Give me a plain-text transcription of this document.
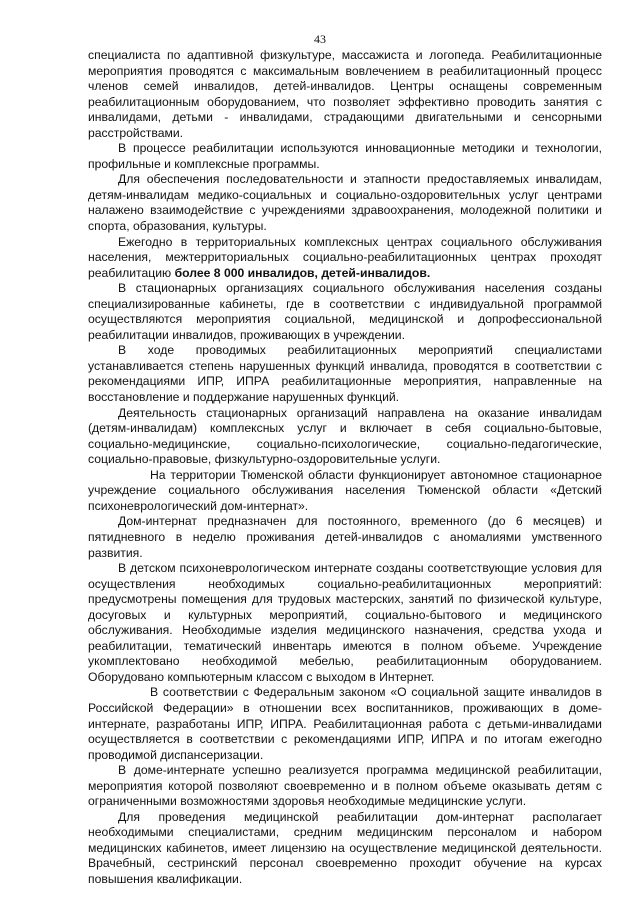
43

специалиста по адаптивной физкультуре, массажиста и логопеда. Реабилитационные мероприятия проводятся с максимальным вовлечением в реабилитационный процесс членов семей инвалидов, детей-инвалидов. Центры оснащены современным реабилитационным оборудованием, что позволяет эффективно проводить занятия с инвалидами, детьми - инвалидами, страдающими двигательными и сенсорными расстройствами.

В процессе реабилитации используются инновационные методики и технологии, профильные и комплексные программы.

Для обеспечения последовательности и этапности предоставляемых инвалидам, детям-инвалидам медико-социальных и социально-оздоровительных услуг центрами налажено взаимодействие с учреждениями здравоохранения, молодежной политики и спорта, образования, культуры.

Ежегодно в территориальных комплексных центрах социального обслуживания населения, межтерриториальных социально-реабилитационных центрах проходят реабилитацию более 8 000 инвалидов, детей-инвалидов.

В стационарных организациях социального обслуживания населения созданы специализированные кабинеты, где в соответствии с индивидуальной программой осуществляются мероприятия социальной, медицинской и допрофессиональной реабилитации инвалидов, проживающих в учреждении.

В ходе проводимых реабилитационных мероприятий специалистами устанавливается степень нарушенных функций инвалида, проводятся в соответствии с рекомендациями ИПР, ИПРА реабилитационные мероприятия, направленные на восстановление и поддержание нарушенных функций.

Деятельность стационарных организаций направлена на оказание инвалидам (детям-инвалидам) комплексных услуг и включает в себя социально-бытовые, социально-медицинские, социально-психологические, социально-педагогические, социально-правовые, физкультурно-оздоровительные услуги.

На территории Тюменской области функционирует автономное стационарное учреждение социального обслуживания населения Тюменской области «Детский психоневрологический дом-интернат».

Дом-интернат предназначен для постоянного, временного (до 6 месяцев) и пятидневного в неделю проживания детей-инвалидов с аномалиями умственного развития.

В детском психоневрологическом интернате созданы соответствующие условия для осуществления необходимых социально-реабилитационных мероприятий: предусмотрены помещения для трудовых мастерских, занятий по физической культуре, досуговых и культурных мероприятий, социально-бытового и медицинского обслуживания. Необходимые изделия медицинского назначения, средства ухода и реабилитации, тематический инвентарь имеются в полном объеме. Учреждение укомплектовано необходимой мебелью, реабилитационным оборудованием. Оборудовано компьютерным классом с выходом в Интернет.

В соответствии с Федеральным законом «О социальной защите инвалидов в Российской Федерации» в отношении всех воспитанников, проживающих в доме-интернате, разработаны ИПР, ИПРА. Реабилитационная работа с детьми-инвалидами осуществляется в соответствии с рекомендациями ИПР, ИПРА и по итогам ежегодно проводимой диспансеризации.

В доме-интернате успешно реализуется программа медицинской реабилитации, мероприятия которой позволяют своевременно и в полном объеме оказывать детям с ограниченными возможностями здоровья необходимые медицинские услуги.

Для проведения медицинской реабилитации дом-интернат располагает необходимыми специалистами, средним медицинским персоналом и набором медицинских кабинетов, имеет лицензию на осуществление медицинской деятельности. Врачебный, сестринский персонал своевременно проходит обучение на курсах повышения квалификации.
